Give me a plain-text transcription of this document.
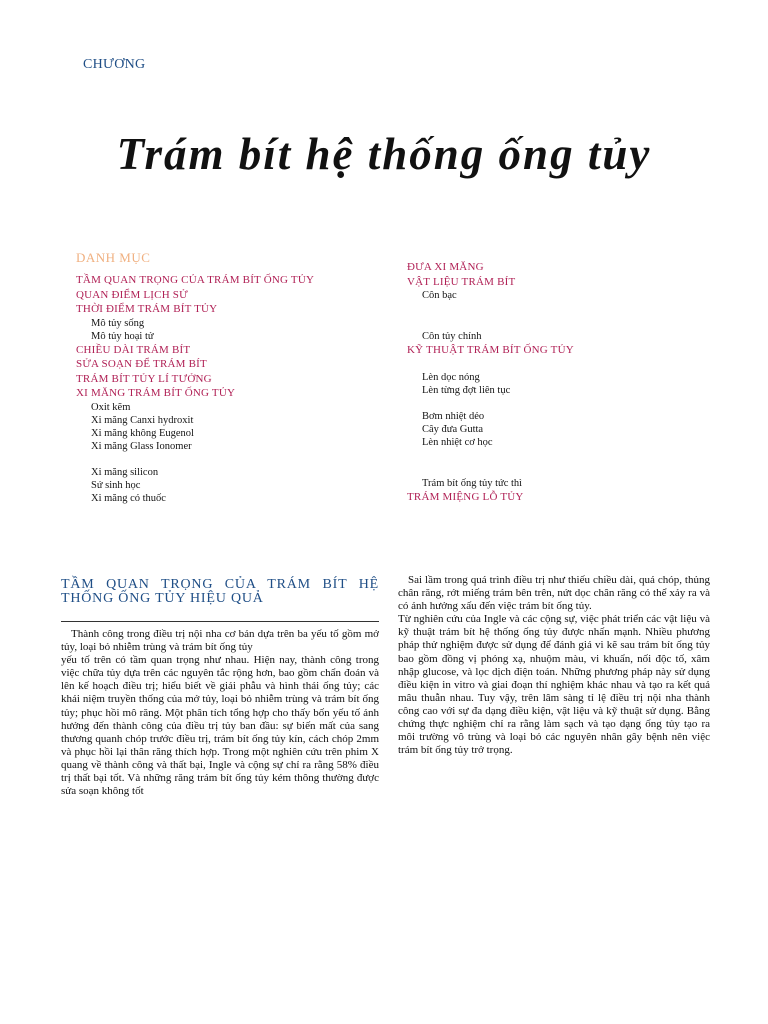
CHƯƠNG
Trám bít hệ thống ống tủy
DANH MỤC
TẦM QUAN TRỌNG CỦA TRÁM BÍT ỐNG TỦY
QUAN ĐIỂM LỊCH SỬ
THỜI ĐIỂM TRÁM BÍT TỦY
Mô tủy sống
Mô tủy hoại tử
CHIỀU DÀI TRÁM BÍT
SỬA SOẠN ĐỂ TRÁM BÍT
TRÁM BÍT TỦY LÍ TƯỞNG
XI MĂNG TRÁM BÍT ỐNG TỦY
Oxit kẽm
Xi măng Canxi hydroxit
Xi măng không Eugenol
Xi măng Glass Ionomer
Xi măng silicon
Sứ sinh học
Xi măng có thuốc
ĐƯA XI MĂNG
VẬT LIỆU TRÁM BÍT
Côn bạc
Côn tủy chính
KỸ THUẬT TRÁM BÍT ỐNG TỦY
Lèn dọc nóng
Lèn từng đợt liên tục
Bơm nhiệt dẻo
Cây đưa Gutta
Lèn nhiệt cơ học
Trám bít ống tủy tức thì
TRÁM MIỆNG LỖ TỦY
TẦM QUAN TRỌNG CỦA TRÁM BÍT HỆ THỐNG ỐNG TỦY HIỆU QUẢ

Thành công trong điều trị nội nha cơ bản dựa trên ba yếu tố gồm mở tủy, loại bỏ nhiễm trùng và trám bít ống tủy

yếu tố trên có tầm quan trọng như nhau. Hiện nay, thành công trong việc chữa tủy dựa trên các nguyên tắc rộng hơn, bao gồm chẩn đoán và lên kế hoạch điều trị; hiểu biết về giải phẫu và hình thái ống tủy; các khái niệm truyền thống của mở tủy, loại bỏ nhiễm trùng và trám bít ống tủy; phục hồi mô răng. Một phân tích tổng hợp cho thấy bốn yếu tố ảnh hưởng đến thành công của điều trị tủy ban đầu: sự biến mất của sang thương quanh chóp trước điều trị, trám bít ống tủy kín, cách chóp 2mm và phục hồi lại thân răng thích hợp. Trong một nghiên cứu trên phim X quang về thành công và thất bại, Ingle và cộng sự chỉ ra rằng 58% điều trị thất bại tốt. Và những răng trám bít ống tủy kém thông thường được sửa soạn không tốt

Sai lầm trong quá trình điều trị như thiếu chiều dài, quá chóp, thủng chân răng, rớt miếng trám bên trên, nứt dọc chân răng có thể xảy ra và có ảnh hưởng xấu đến việc trám bít ống tủy.

Từ nghiên cứu của Ingle và các cộng sự, việc phát triển các vật liệu và kỹ thuật trám bít hệ thống ống tủy được nhấn mạnh. Nhiều phương pháp thử nghiệm được sử dụng để đánh giá vi kẽ sau trám bít ống tủy bao gồm đồng vị phóng xạ, nhuộm màu, vi khuẩn, nối độc tố, xâm nhập glucose, và lọc dịch điện toán. Những phương pháp này sử dụng điều kiện in vitro và giai đoạn thí nghiệm khác nhau và tạo ra kết quả mâu thuẫn nhau. Tuy vậy, trên lâm sàng tỉ lệ điều trị nội nha thành công cao với sự đa dạng điều kiện, vật liệu và kỹ thuật sử dụng. Bằng chứng thực nghiệm chỉ ra rằng làm sạch và tạo dạng ống tủy tạo ra môi trường vô trùng và loại bỏ các nguyên nhân gây bệnh nên việc trám bít ống tủy trở trọng.
